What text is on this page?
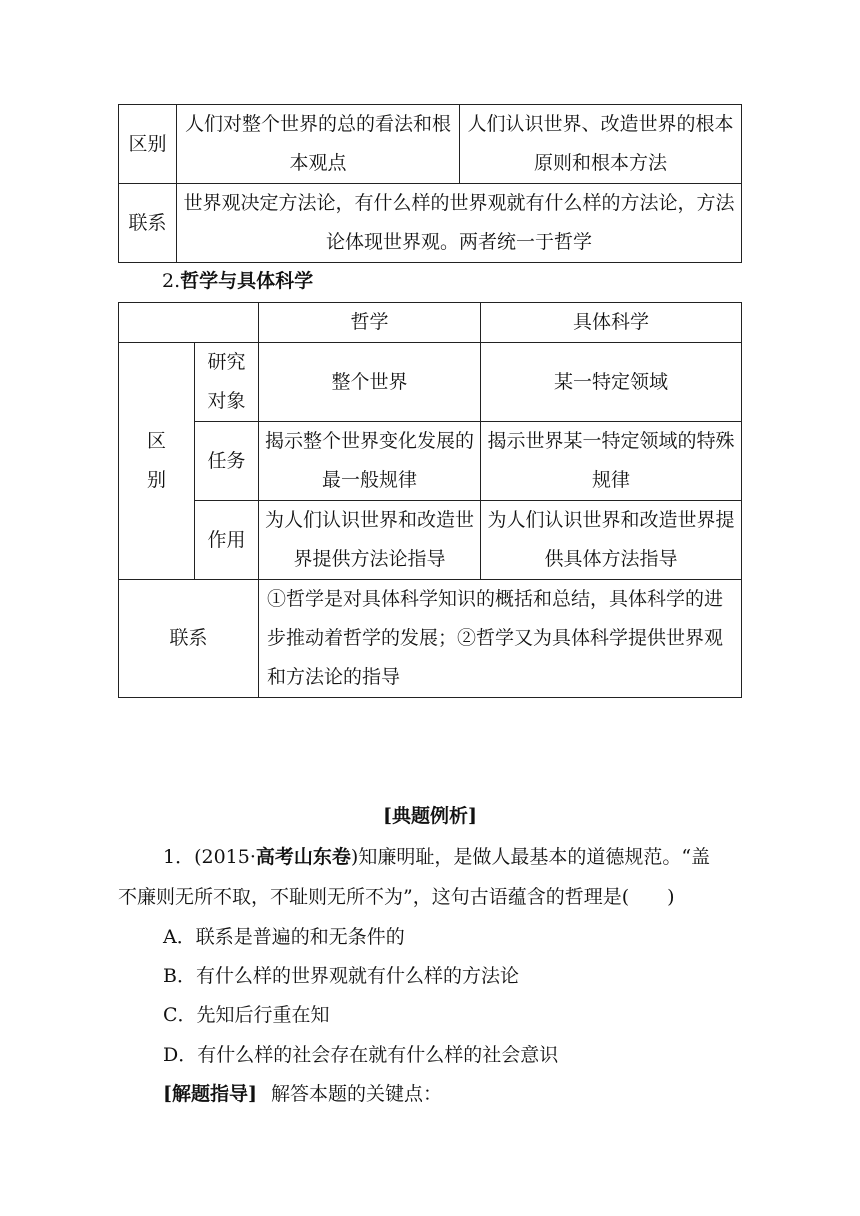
区别	人们对整个世界的总的看法和根本观点	人们认识世界、改造世界的根本原则和根本方法
联系	世界观决定方法论，有什么样的世界观就有什么样的方法论，方法论体现世界观。两者统一于哲学	
2.哲学与具体科学
		哲学	具体科学
区别	研究对象	整个世界	某一特定领域
	任务	揭示整个世界变化发展的最一般规律	揭示世界某一特定领域的特殊规律
	作用	为人们认识世界和改造世界提供方法论指导	为人们认识世界和改造世界提供具体方法指导
联系		①哲学是对具体科学知识的概括和总结，具体科学的进步推动着哲学的发展；②哲学又为具体科学提供世界观和方法论的指导	
[典题例析]
1．(2015·高考山东卷)知廉明耻，是做人最基本的道德规范。“盖
不廉则无所不取，不耻则无所不为”，这句古语蕴含的哲理是(　　)
A．联系是普遍的和无条件的
B．有什么样的世界观就有什么样的方法论
C．先知后行重在知
D．有什么样的社会存在就有什么样的社会意识
[解题指导] 解答本题的关键点：
